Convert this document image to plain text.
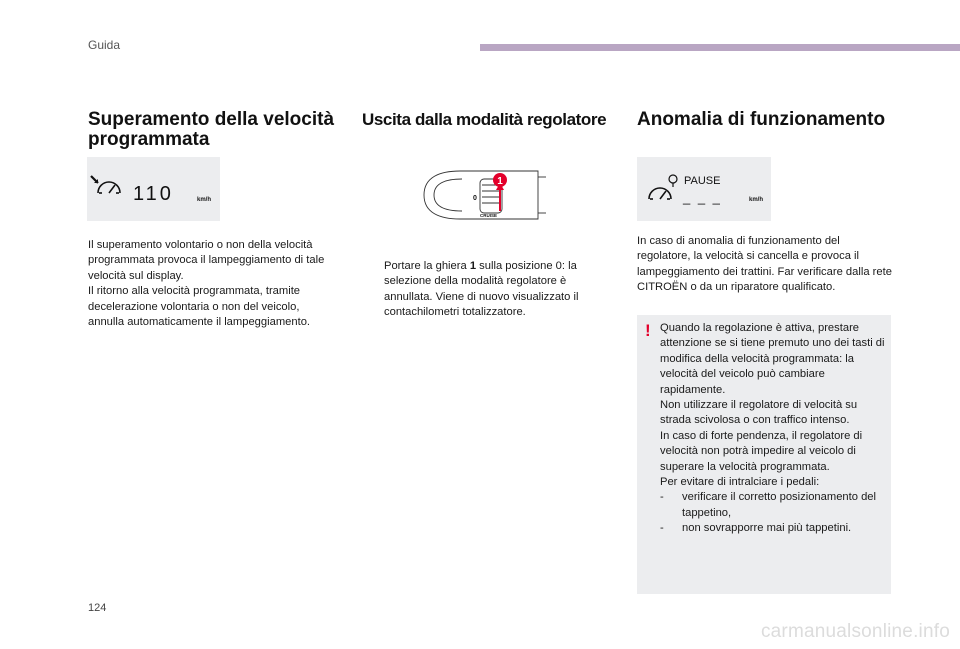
Guida
Superamento della velocità
programmata
110	km/h

Il superamento volontario o non della velocità programmata provoca il lampeggiamento di tale velocità sul display.

Il ritorno alla velocità programmata, tramite decelerazione volontaria o non del veicolo, annulla automaticamente il lampeggiamento.

Uscita dalla modalità regolatore
1
0
CRUISE
Portare la ghiera 1 sulla posizione 0: la selezione della modalità regolatore è annullata. Viene di nuovo visualizzato il contachilometri totalizzatore.
Anomalia di funzionamento
PAUSE
_ _ _	km/h

In caso di anomalia di funzionamento del regolatore, la velocità si cancella e provoca il lampeggiamento dei trattini. Far verificare dalla rete CITROËN o da un riparatore qualificato.

! Quando la regolazione è attiva, prestare attenzione se si tiene premuto uno dei tasti di modifica della velocità programmata: la velocità del veicolo può cambiare rapidamente.

Non utilizzare il regolatore di velocità su strada scivolosa o con traffico intenso.

In caso di forte pendenza, il regolatore di velocità non potrà impedire al veicolo di superare la velocità programmata.

Per evitare di intralciare i pedali:

- verificare il corretto posizionamento del tappetino,
- non sovrapporre mai più tappetini.
124
carmanualsonline.info
